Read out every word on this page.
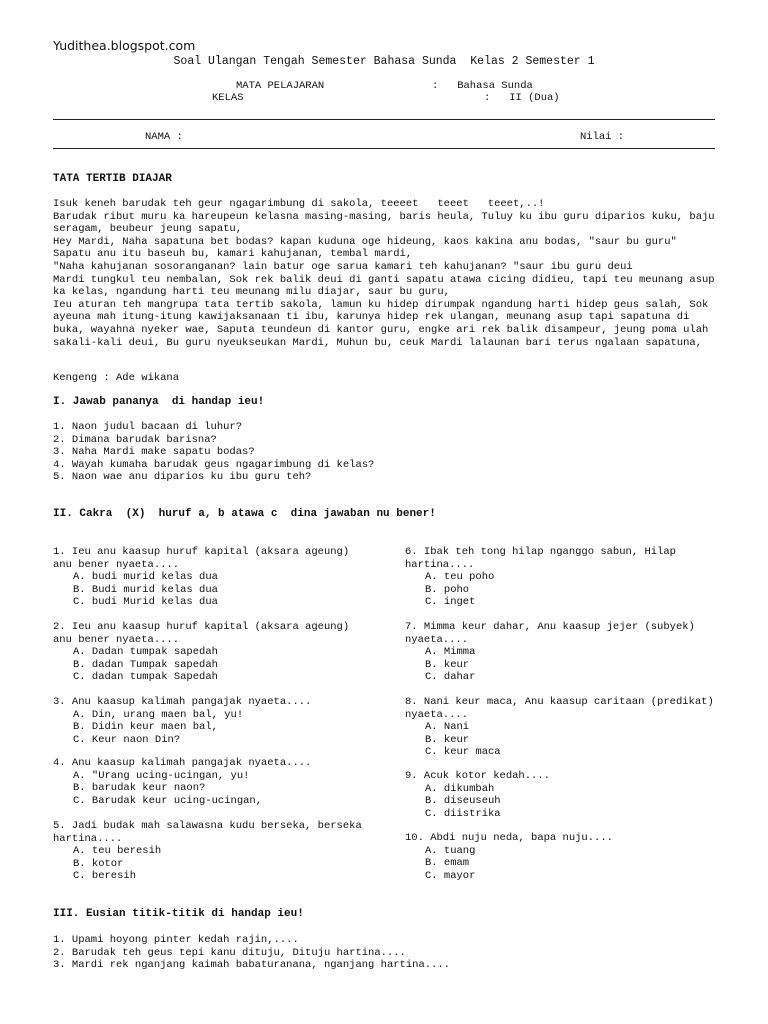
Yudithea.blogspot.com
Soal Ulangan Tengah Semester Bahasa Sunda  Kelas 2 Semester 1
MATA PELAJARAN	:   Bahasa Sunda
KELAS	:   II (Dua)
NAMA :	Nilai :
TATA TERTIB DIAJAR
Isuk keneh barudak teh geur ngagarimbung di sakola, teeeet   teeet   teeet,..!
Barudak ribut muru ka hareupeun kelasna masing-masing, baris heula, Tuluy ku ibu guru diparios kuku, baju
seragam, beubeur jeung sapatu,
Hey Mardi, Naha sapatuna bet bodas? kapan kuduna oge hideung, kaos kakina anu bodas, "saur bu guru"
Sapatu anu itu baseuh bu, kamari kahujanan, tembal mardi,
"Naha kahujanan sosoranganan? lain batur oge sarua kamari teh kahujanan? "saur ibu guru deui
Mardi tungkul teu nembalan, Sok rek balik deui di ganti sapatu atawa cicing didieu, tapi teu meunang asup
ka kelas, ngandung harti teu meunang milu diajar, saur bu guru,
Ieu aturan teh mangrupa tata tertib sakola, lamun ku hidep dirumpak ngandung harti hidep geus salah, Sok
ayeuna mah itung-itung kawijaksanaan ti ibu, karunya hidep rek ulangan, meunang asup tapi sapatuna di
buka, wayahna nyeker wae, Saputa teundeun di kantor guru, engke ari rek balik disampeur, jeung poma ulah
sakali-kali deui, Bu guru nyeukseukan Mardi, Muhun bu, ceuk Mardi lalaunan bari terus ngalaan sapatuna,
Kengeng : Ade wikana
I. Jawab pananya  di handap ieu!
1. Naon judul bacaan di luhur?
2. Dimana barudak barisna?
3. Naha Mardi make sapatu bodas?
4. Wayah kumaha barudak geus ngagarimbung di kelas?
5. Naon wae anu diparios ku ibu guru teh?
II. Cakra  (X)  huruf a, b atawa c  dina jawaban nu bener!
1. Ieu anu kaasup huruf kapital (aksara ageung)
anu bener nyaeta....
A. budi murid kelas dua
B. Budi murid kelas dua
C. budi Murid kelas dua
2. Ieu anu kaasup huruf kapital (aksara ageung)
anu bener nyaeta....
A. Dadan tumpak sapedah
B. dadan Tumpak sapedah
C. dadan tumpak Sapedah
3. Anu kaasup kalimah pangajak nyaeta....
A. Din, urang maen bal, yu!
B. Didin keur maen bal,
C. Keur naon Din?
4. Anu kaasup kalimah pangajak nyaeta....
A. "Urang ucing-ucingan, yu!
B. barudak keur naon?
C. Barudak keur ucing-ucingan,
5. Jadi budak mah salawasna kudu berseka, berseka
hartina....
A. teu beresih
B. kotor
C. beresih
6. Ibak teh tong hilap nganggo sabun, Hilap
hartina....
A. teu poho
B. poho
C. inget
7. Mimma keur dahar, Anu kaasup jejer (subyek)
nyaeta....
A. Mimma
B. keur
C. dahar
8. Nani keur maca, Anu kaasup caritaan (predikat)
nyaeta....
A. Nani
B. keur
C. keur maca
9. Acuk kotor kedah....
A. dikumbah
B. diseuseuh
C. diistrika
10. Abdi nuju neda, bapa nuju....
A. tuang
B. emam
C. mayor
III. Eusian titik-titik di handap ieu!
1. Upami hoyong pinter kedah rajin,....
2. Barudak teh geus tepi kanu dituju, Dituju hartina....
3. Mardi rek nganjang kaimah babaturanana, nganjang hartina....
